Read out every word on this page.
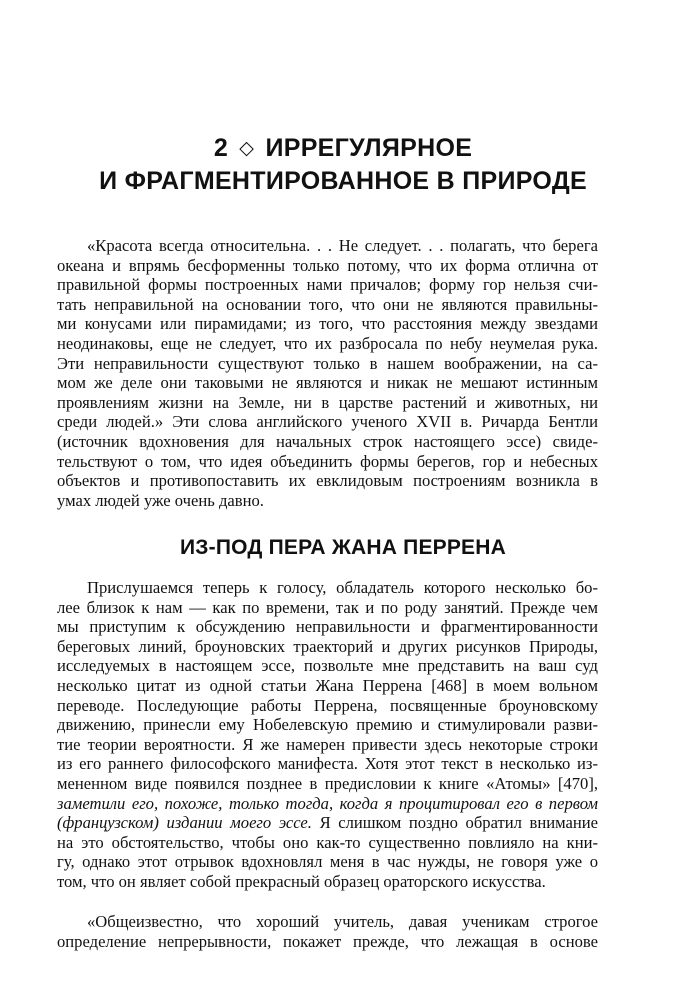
2 ◇ ИРРЕГУЛЯРНОЕ
И ФРАГМЕНТИРОВАННОЕ В ПРИРОДЕ

«Красота всегда относительна. . . Не следует. . . полагать, что берега
океана и впрямь бесформенны только потому, что их форма отлична от
правильной формы построенных нами причалов; форму гор нельзя счи-
тать неправильной на основании того, что они не являются правильны-
ми конусами или пирамидами; из того, что расстояния между звездами
неодинаковы, еще не следует, что их разбросала по небу неумелая рука.
Эти неправильности существуют только в нашем воображении, на са-
мом же деле они таковыми не являются и никак не мешают истинным
проявлениям жизни на Земле, ни в царстве растений и животных, ни
среди людей.» Эти слова английского ученого XVII в. Ричарда Бентли
(источник вдохновения для начальных строк настоящего эссе) свиде-
тельствуют о том, что идея объединить формы берегов, гор и небесных
объектов и противопоставить их евклидовым построениям возникла в
умах людей уже очень давно.

ИЗ-ПОД ПЕРА ЖАНА ПЕРРЕНА

Прислушаемся теперь к голосу, обладатель которого несколько бо-
лее близок к нам — как по времени, так и по роду занятий. Прежде чем
мы приступим к обсуждению неправильности и фрагментированности
береговых линий, броуновских траекторий и других рисунков Природы,
исследуемых в настоящем эссе, позвольте мне представить на ваш суд
несколько цитат из одной статьи Жана Перрена [468] в моем вольном
переводе. Последующие работы Перрена, посвященные броуновскому
движению, принесли ему Нобелевскую премию и стимулировали разви-
тие теории вероятности. Я же намерен привести здесь некоторые строки
из его раннего философского манифеста. Хотя этот текст в несколько из-
мененном виде появился позднее в предисловии к книге «Атомы» [470],
заметили его, похоже, только тогда, когда я процитировал его в первом
(французском) издании моего эссе. Я слишком поздно обратил внимание
на это обстоятельство, чтобы оно как-то существенно повлияло на кни-
гу, однако этот отрывок вдохновлял меня в час нужды, не говоря уже о
том, что он являет собой прекрасный образец ораторского искусства.

«Общеизвестно, что хороший учитель, давая ученикам строгое
определение непрерывности, покажет прежде, что лежащая в основе
